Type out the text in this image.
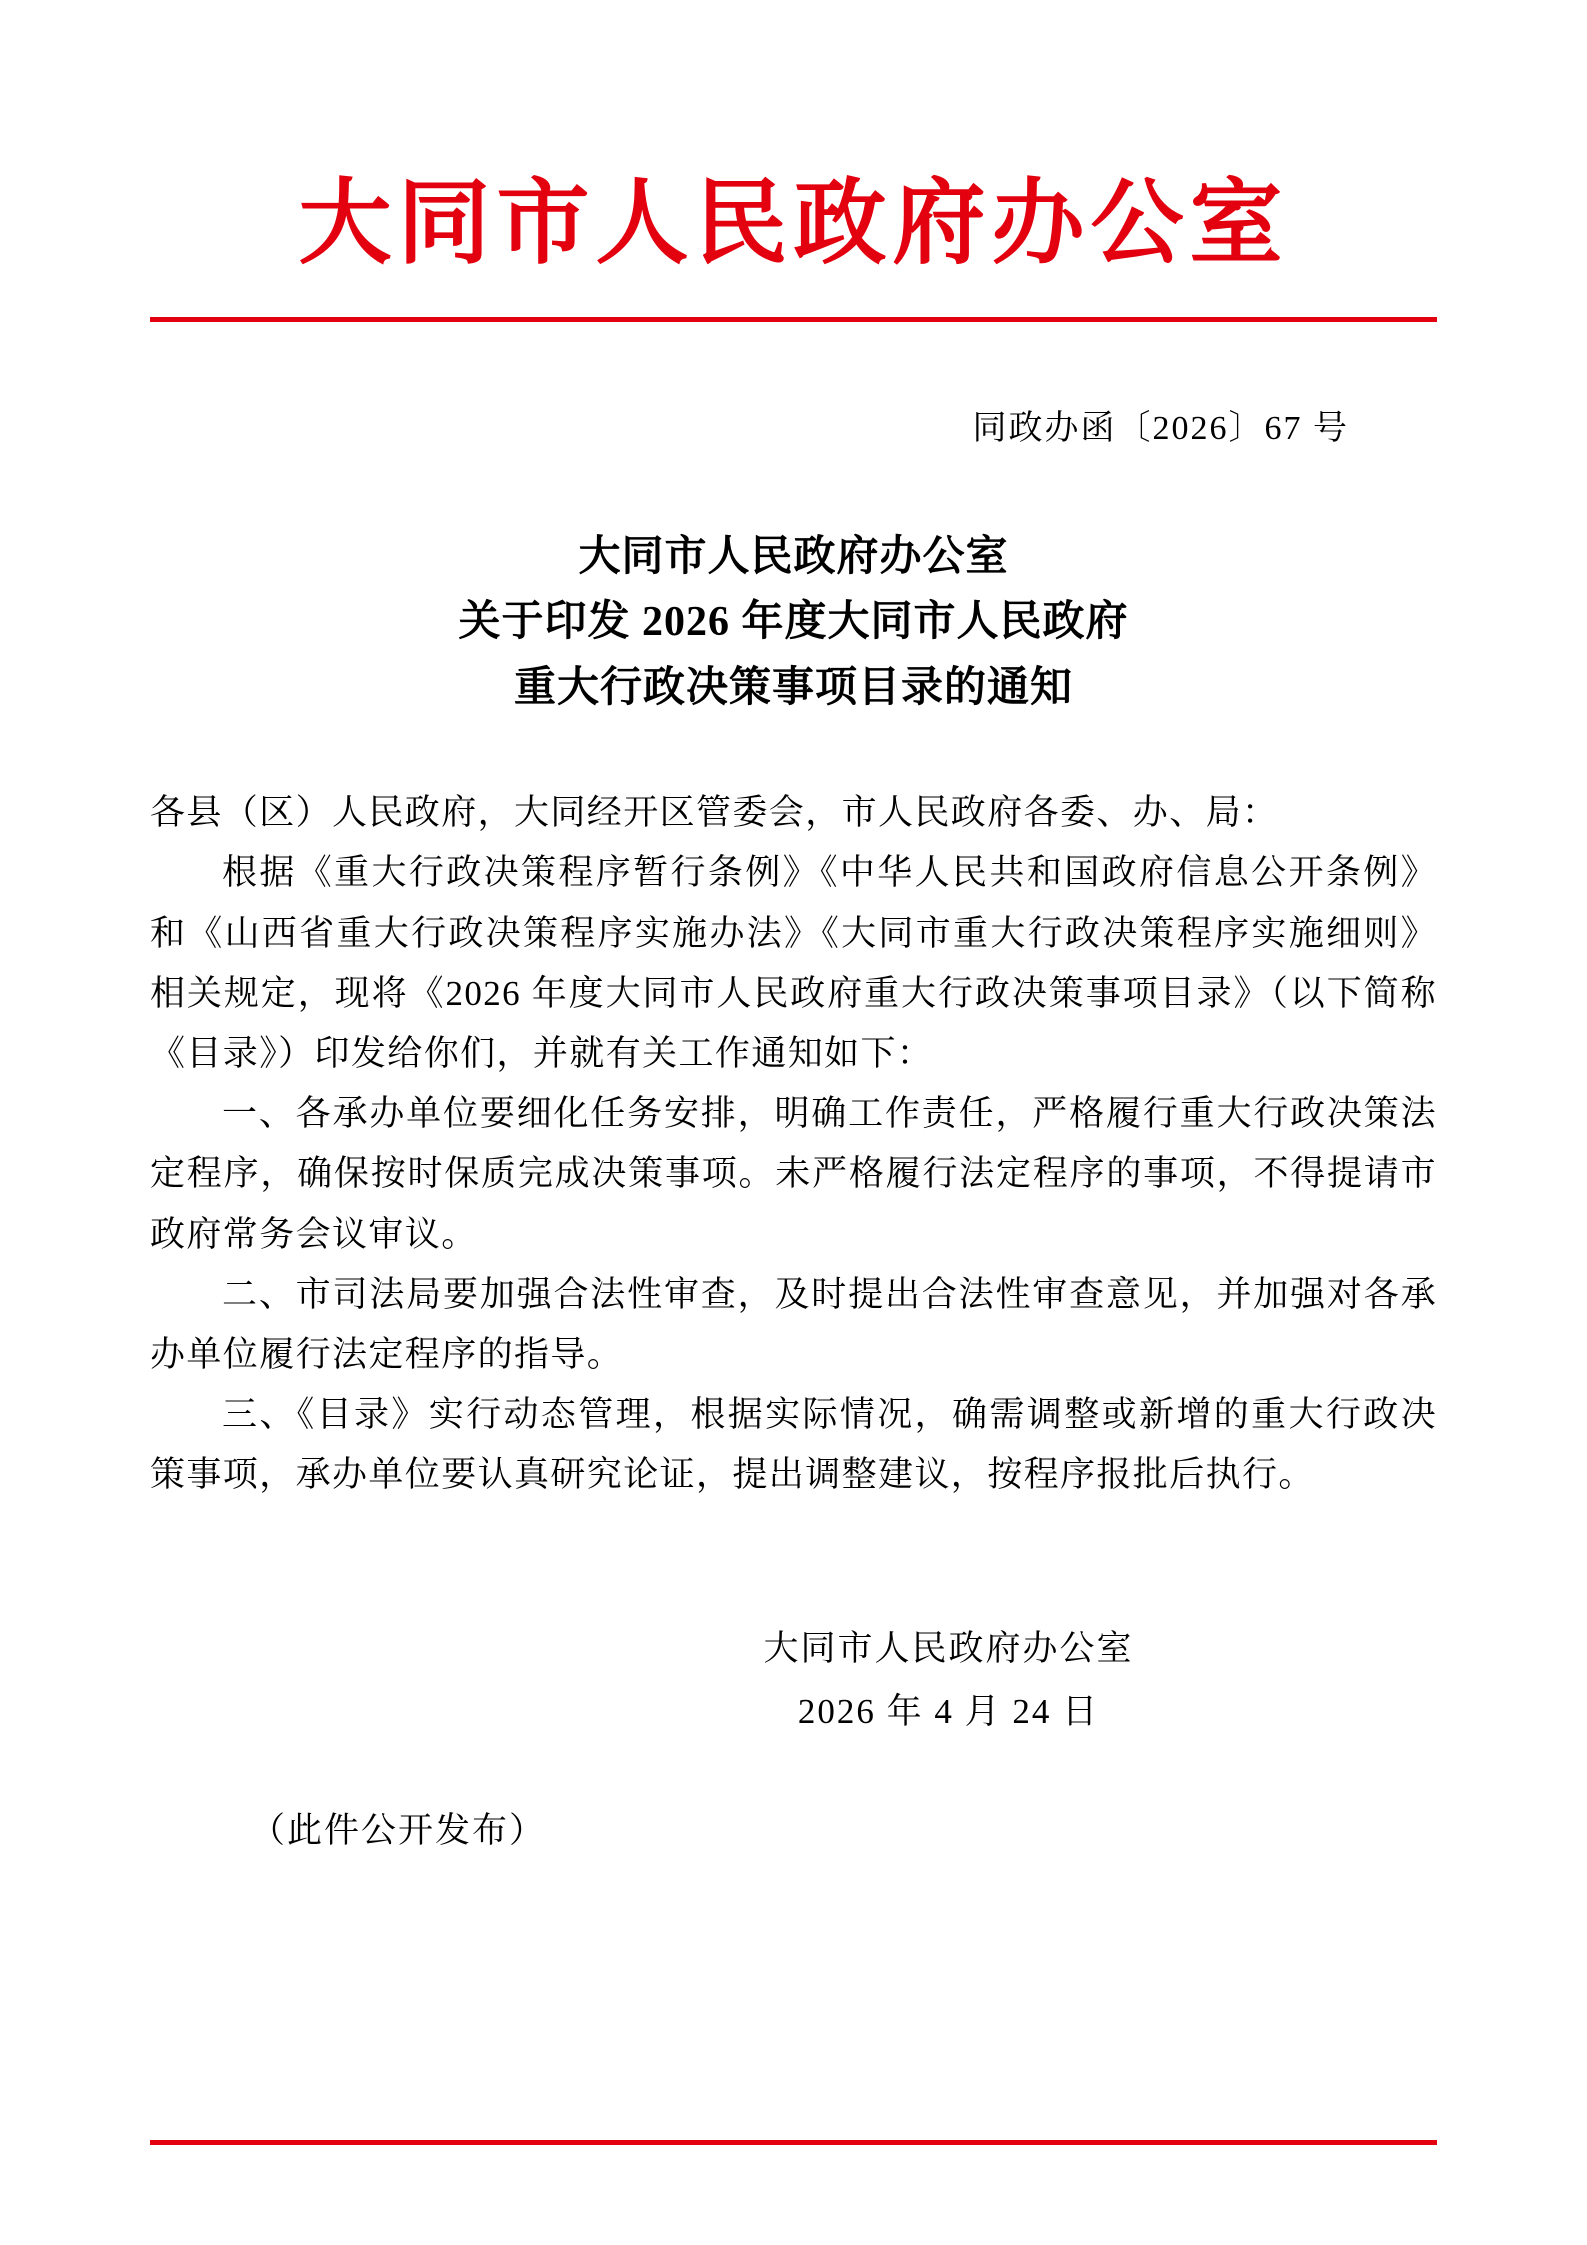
大同市人民政府办公室
同政办函〔2026〕67 号
大同市人民政府办公室
关于印发 2026 年度大同市人民政府
重大行政决策事项目录的通知

各县（区）人民政府，大同经开区管委会，市人民政府各委、办、局：

根据《重大行政决策程序暂行条例》《中华人民共和国政府信息公开条例》和《山西省重大行政决策程序实施办法》《大同市重大行政决策程序实施细则》相关规定，现将《2026 年度大同市人民政府重大行政决策事项目录》（以下简称《目录》）印发给你们，并就有关工作通知如下：

一、各承办单位要细化任务安排，明确工作责任，严格履行重大行政决策法定程序，确保按时保质完成决策事项。未严格履行法定程序的事项，不得提请市政府常务会议审议。

二、市司法局要加强合法性审查，及时提出合法性审查意见，并加强对各承办单位履行法定程序的指导。

三、《目录》实行动态管理，根据实际情况，确需调整或新增的重大行政决策事项，承办单位要认真研究论证，提出调整建议，按程序报批后执行。

大同市人民政府办公室
2026 年 4 月 24 日
（此件公开发布）
